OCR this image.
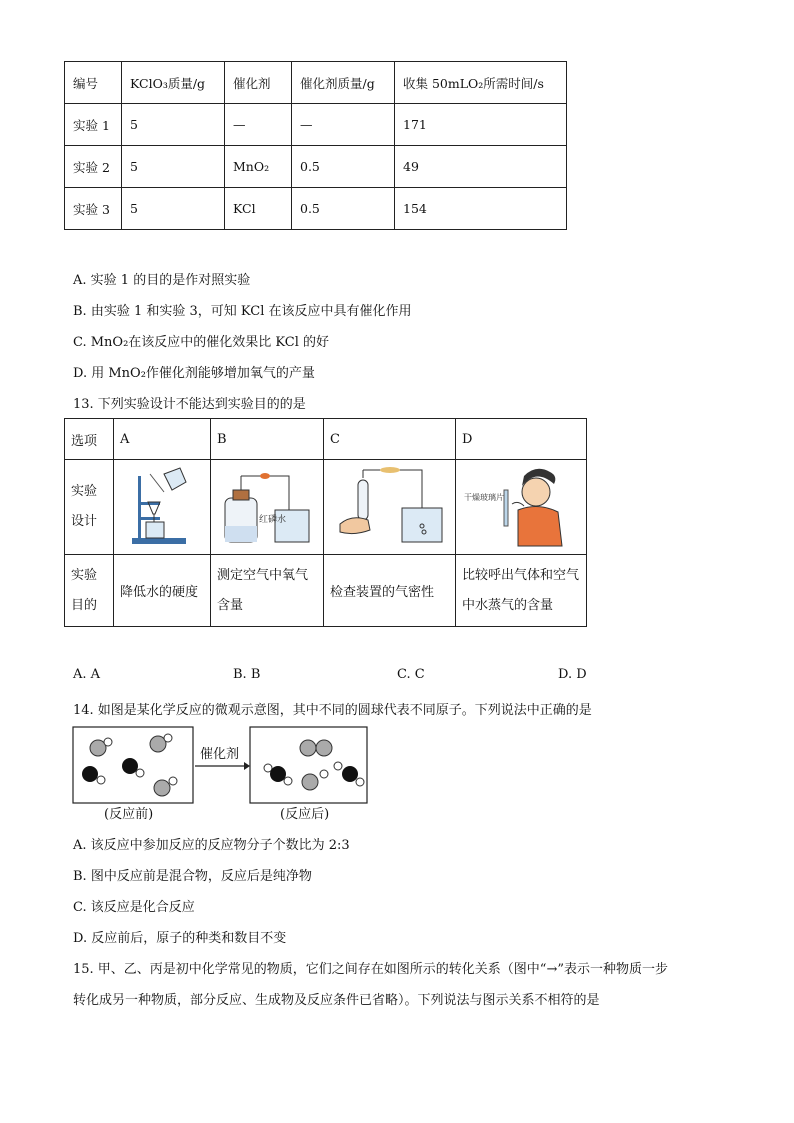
编号	KClO₃质量/g	催化剂	催化剂质量/g	收集 50mLO₂所需时间/s
实验 1	5	—	—	171
实验 2	5	MnO₂	0.5	49
实验 3	5	KCl	0.5	154
A. 实验 1 的目的是作对照实验
B. 由实验 1 和实验 3，可知 KCl 在该反应中具有催化作用
C. MnO₂在该反应中的催化效果比 KCl 的好
D. 用 MnO₂作催化剂能够增加氧气的产量
13. 下列实验设计不能达到实验目的的是
选项	A	B	C	D
实验设计		红磷水		干燥玻璃片

实验目的	降低水的硬度	测定空气中氧气含量	检查装置的气密性	比较呼出气体和空气中水蒸气的含量
A. A	B. B	C. C	D. D
14. 如图是某化学反应的微观示意图，其中不同的圆球代表不同原子。下列说法中正确的是
催化剂
(反应前)	(反应后)
A. 该反应中参加反应的反应物分子个数比为 2:3
B. 图中反应前是混合物，反应后是纯净物
C. 该反应是化合反应
D. 反应前后，原子的种类和数目不变
15. 甲、乙、丙是初中化学常见的物质，它们之间存在如图所示的转化关系（图中“→”表示一种物质一步
转化成另一种物质，部分反应、生成物及反应条件已省略）。下列说法与图示关系不相符的是
